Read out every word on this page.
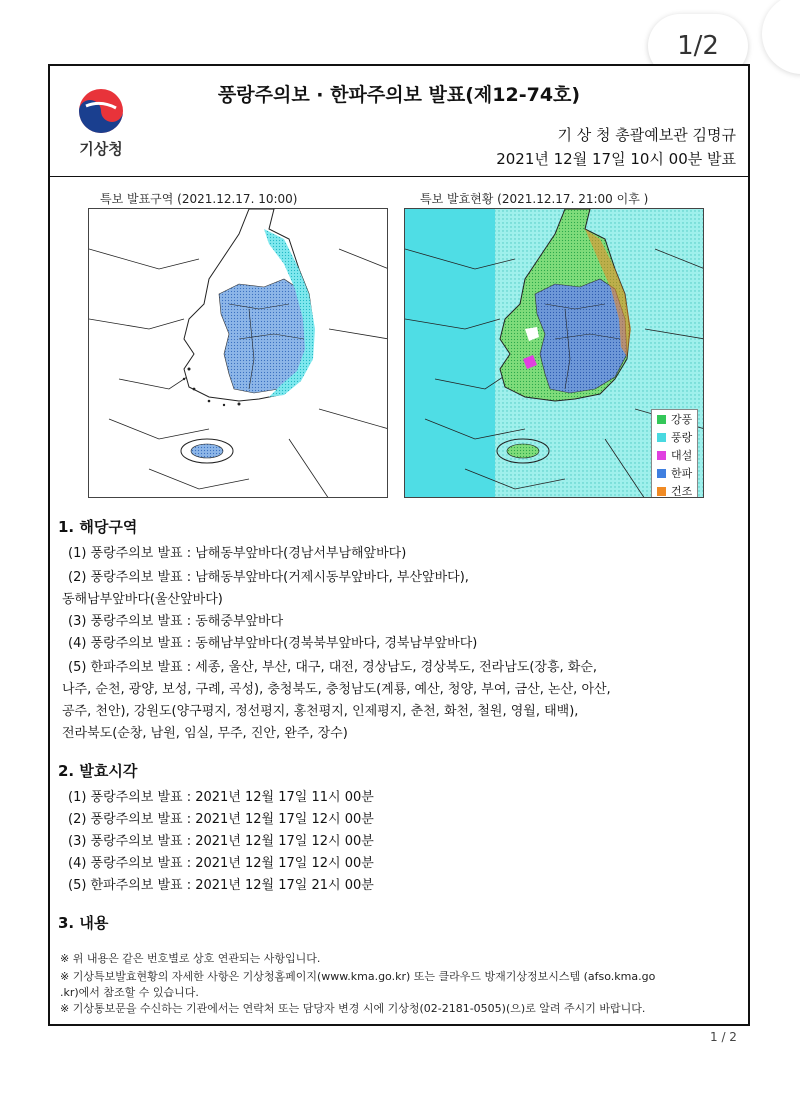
1/2
기상청
풍랑주의보 · 한파주의보 발표(제12-74호)
기 상 청 총괄예보관 김명규
2021년 12월 17일 10시 00분 발표
특보 발표구역 (2021.12.17. 10:00)	특보 발효현황 (2021.12.17. 21:00 이후 )
강풍
풍랑
대설
한파
건조
1. 해당구역
(1) 풍랑주의보 발표 : 남해동부앞바다(경남서부남해앞바다)
(2) 풍랑주의보 발표 : 남해동부앞바다(거제시동부앞바다, 부산앞바다),
동해남부앞바다(울산앞바다)
(3) 풍랑주의보 발표 : 동해중부앞바다
(4) 풍랑주의보 발표 : 동해남부앞바다(경북북부앞바다, 경북남부앞바다)
(5) 한파주의보 발표 : 세종, 울산, 부산, 대구, 대전, 경상남도, 경상북도, 전라남도(장흥, 화순,
나주, 순천, 광양, 보성, 구례, 곡성), 충청북도, 충청남도(계룡, 예산, 청양, 부여, 금산, 논산, 아산,
공주, 천안), 강원도(양구평지, 정선평지, 홍천평지, 인제평지, 춘천, 화천, 철원, 영월, 태백),
전라북도(순창, 남원, 임실, 무주, 진안, 완주, 장수)
2. 발효시각
(1) 풍랑주의보 발표 : 2021년 12월 17일 11시 00분
(2) 풍랑주의보 발표 : 2021년 12월 17일 12시 00분
(3) 풍랑주의보 발표 : 2021년 12월 17일 12시 00분
(4) 풍랑주의보 발표 : 2021년 12월 17일 12시 00분
(5) 한파주의보 발표 : 2021년 12월 17일 21시 00분
3. 내용
※ 위 내용은 같은 번호별로 상호 연관되는 사항입니다.
※ 기상특보발효현황의 자세한 사항은 기상청홈페이지(www.kma.go.kr) 또는 클라우드 방재기상정보시스템 (afso.kma.go
.kr)에서 참조할 수 있습니다.
※ 기상통보문을 수신하는 기관에서는 연락처 또는 담당자 변경 시에 기상청(02-2181-0505)(으)로 알려 주시기 바랍니다.
1 / 2
